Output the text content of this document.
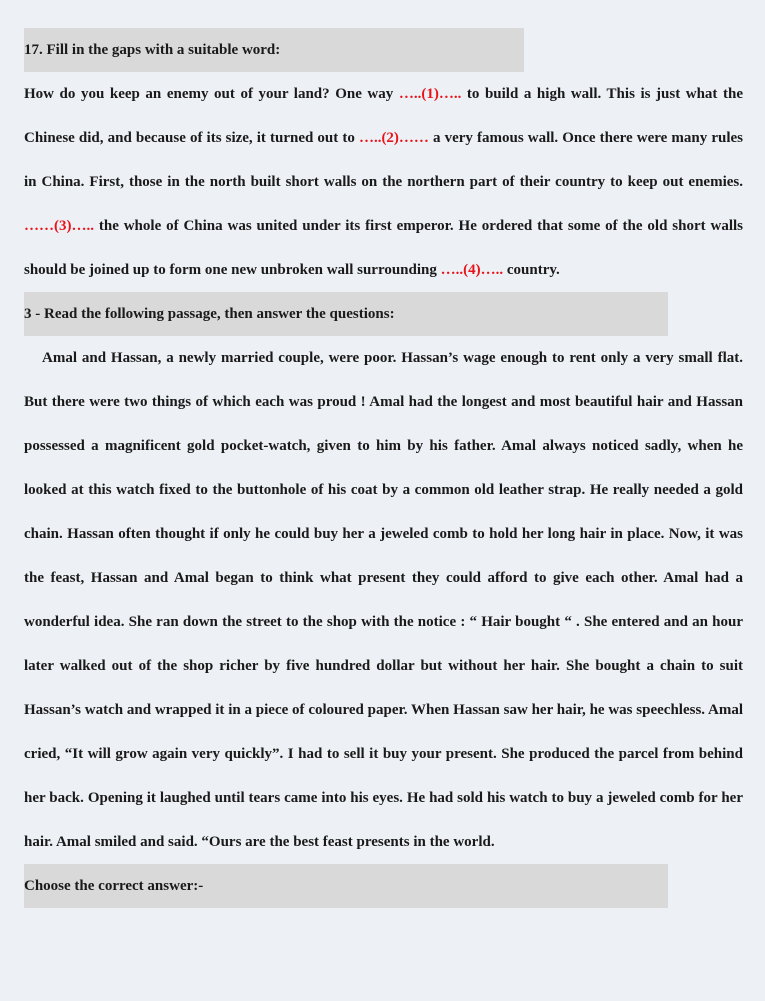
17. Fill in the gaps with a suitable word:
How do you keep an enemy out of your land? One way …..(1)….. to build a high wall. This is just what the Chinese did, and because of its size, it turned out to …..(2)…… a very famous wall. Once there were many rules in China. First, those in the north built short walls on the northern part of their country to keep out enemies. ……(3)….. the whole of China was united under its first emperor. He ordered that some of the old short walls should be joined up to form one new unbroken wall surrounding …..(4)….. country.
3 - Read the following passage, then answer the questions:
Amal and Hassan, a newly married couple, were poor. Hassan’s wage enough to rent only a very small flat. But there were two things of which each was proud ! Amal had the longest and most beautiful hair and Hassan possessed a magnificent gold pocket-watch, given to him by his father. Amal always noticed sadly, when he looked at this watch fixed to the buttonhole of his coat by a common old leather strap. He really needed a gold chain. Hassan often thought if only he could buy her a jeweled comb to hold her long hair in place. Now, it was the feast, Hassan and Amal began to think what present they could afford to give each other. Amal had a wonderful idea. She ran down the street to the shop with the notice : “ Hair bought “ . She entered and an hour later walked out of the shop richer by five hundred dollar but without her hair. She bought a chain to suit Hassan’s watch and wrapped it in a piece of coloured paper. When Hassan saw her hair, he was speechless. Amal cried, “It will grow again very quickly”. I had to sell it buy your present. She produced the parcel from behind her back. Opening it laughed until tears came into his eyes. He had sold his watch to buy a jeweled comb for her hair. Amal smiled and said. “Ours are the best feast presents in the world.
Choose the correct answer:-
